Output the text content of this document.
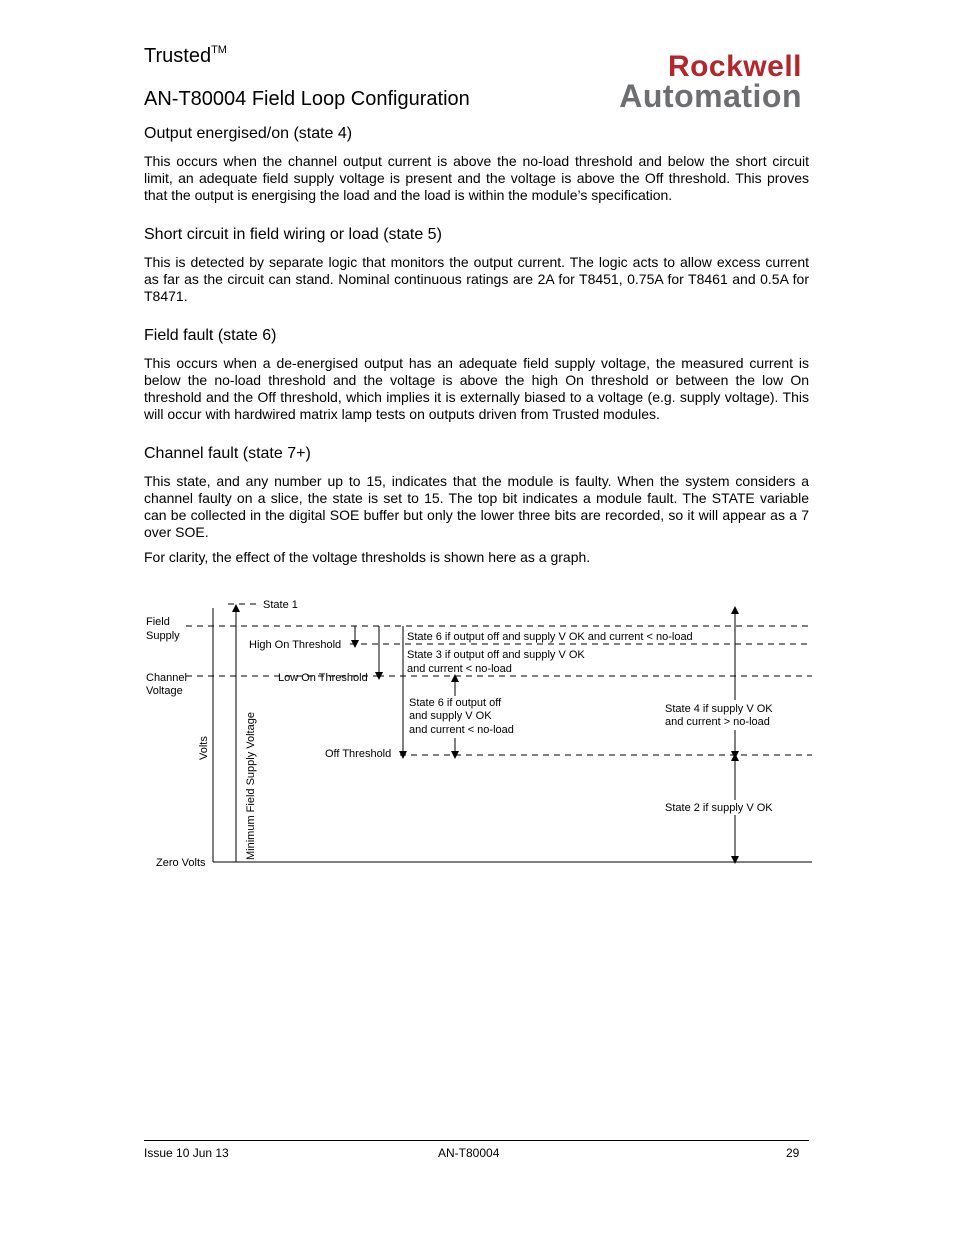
Trusted™
AN-T80004 Field Loop Configuration
Rockwell
Automation
Output energised/on (state 4)
This occurs when the channel output current is above the no-load threshold and below the short circuit limit, an adequate field supply voltage is present and the voltage is above the Off threshold. This proves that the output is energising the load and the load is within the module’s specification.
Short circuit in field wiring or load (state 5)
This is detected by separate logic that monitors the output current. The logic acts to allow excess current as far as the circuit can stand. Nominal continuous ratings are 2A for T8451, 0.75A for T8461 and 0.5A for T8471.
Field fault (state 6)
This occurs when a de-energised output has an adequate field supply voltage, the measured current is below the no-load threshold and the voltage is above the high On threshold or between the low On threshold and the Off threshold, which implies it is externally biased to a voltage (e.g. supply voltage). This will occur with hardwired matrix lamp tests on outputs driven from Trusted modules.
Channel fault (state 7+)
This state, and any number up to 15, indicates that the module is faulty. When the system considers a channel faulty on a slice, the state is set to 15. The top bit indicates a module fault. The STATE variable can be collected in the digital SOE buffer but only the lower three bits are recorded, so it will appear as a 7 over SOE.
For clarity, the effect of the voltage thresholds is shown here as a graph.
State 1
Field
Supply
Channel
Voltage
Volts	Minimum Field Supply Voltage
Zero Volts
High On Threshold
Low On Threshold
Off Threshold
State 6 if output off and supply V OK and current < no-load
State 3 if output off and supply V OK
and current < no-load
State 6 if output off
and supply V OK
and current < no-load
State 4 if supply V OK
and current > no-load
State 2 if supply V OK
Issue 10 Jun 13	AN-T80004	29
